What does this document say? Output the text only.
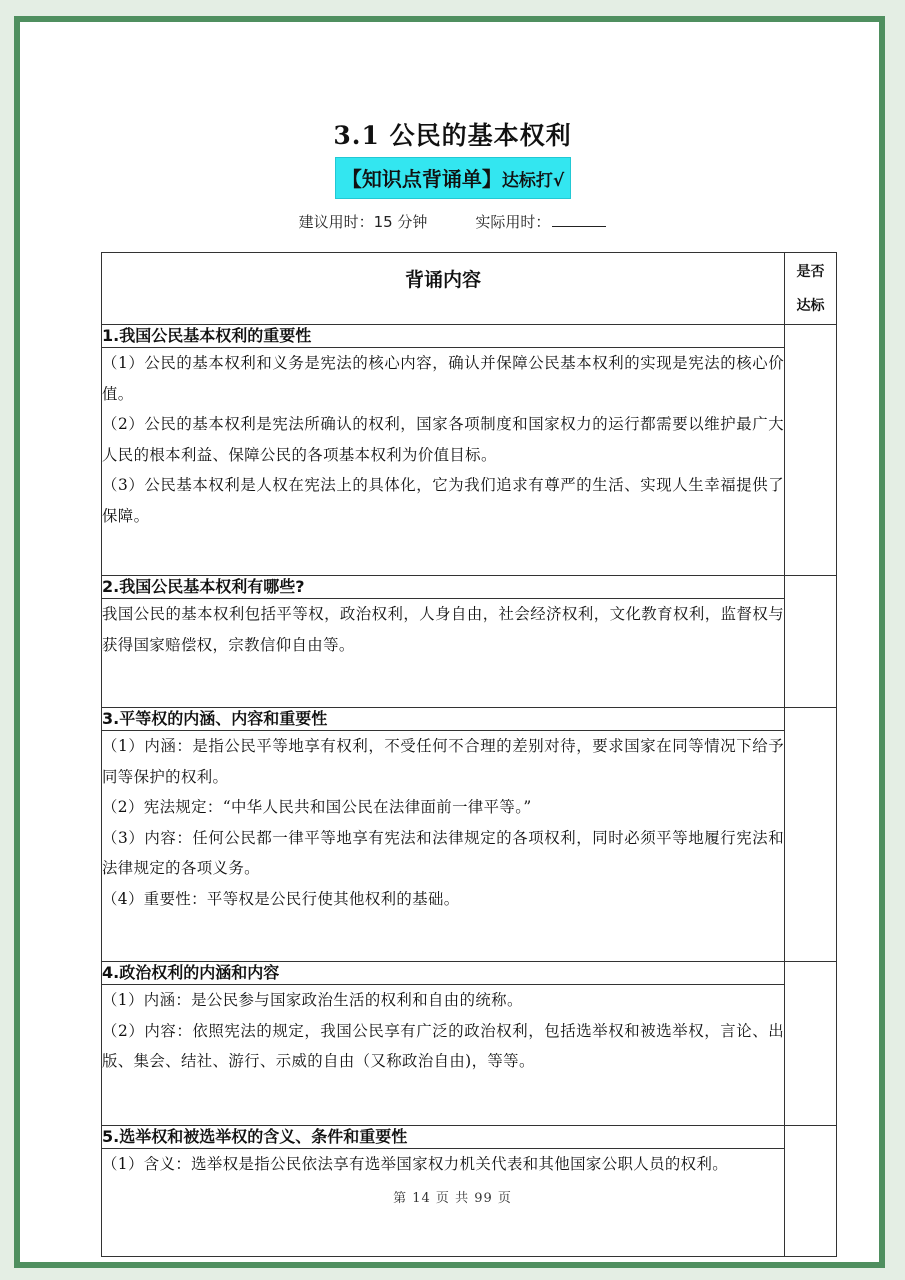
3.1 公民的基本权利
【知识点背诵单】达标打√
建议用时：15 分钟	实际用时：
背诵内容	是否
达标
1.我国公民基本权利的重要性	

（1）公民的基本权利和义务是宪法的核心内容，确认并保障公民基本权利的实现是宪法的核心价值。

（2）公民的基本权利是宪法所确认的权利，国家各项制度和国家权力的运行都需要以维护最广大人民的根本利益、保障公民的各项基本权利为价值目标。

（3）公民基本权利是人权在宪法上的具体化，它为我们追求有尊严的生活、实现人生幸福提供了保障。	

2.我国公民基本权利有哪些?	

我国公民的基本权利包括平等权，政治权利，人身自由，社会经济权利，文化教育权利，监督权与获得国家赔偿权，宗教信仰自由等。	

3.平等权的内涵、内容和重要性	

（1）内涵：是指公民平等地享有权利，不受任何不合理的差别对待，要求国家在同等情况下给予同等保护的权利。

（2）宪法规定：“中华人民共和国公民在法律面前一律平等。”

（3）内容：任何公民都一律平等地享有宪法和法律规定的各项权利，同时必须平等地履行宪法和法律规定的各项义务。

（4）重要性：平等权是公民行使其他权利的基础。	

4.政治权利的内涵和内容	

（1）内涵：是公民参与国家政治生活的权利和自由的统称。

（2）内容：依照宪法的规定，我国公民享有广泛的政治权利，包括选举权和被选举权，言论、出版、集会、结社、游行、示威的自由（又称政治自由)，等等。	

5.选举权和被选举权的含义、条件和重要性	

（1）含义：选举权是指公民依法享有选举国家权力机关代表和其他国家公职人员的权利。	

第 14 页 共 99 页
